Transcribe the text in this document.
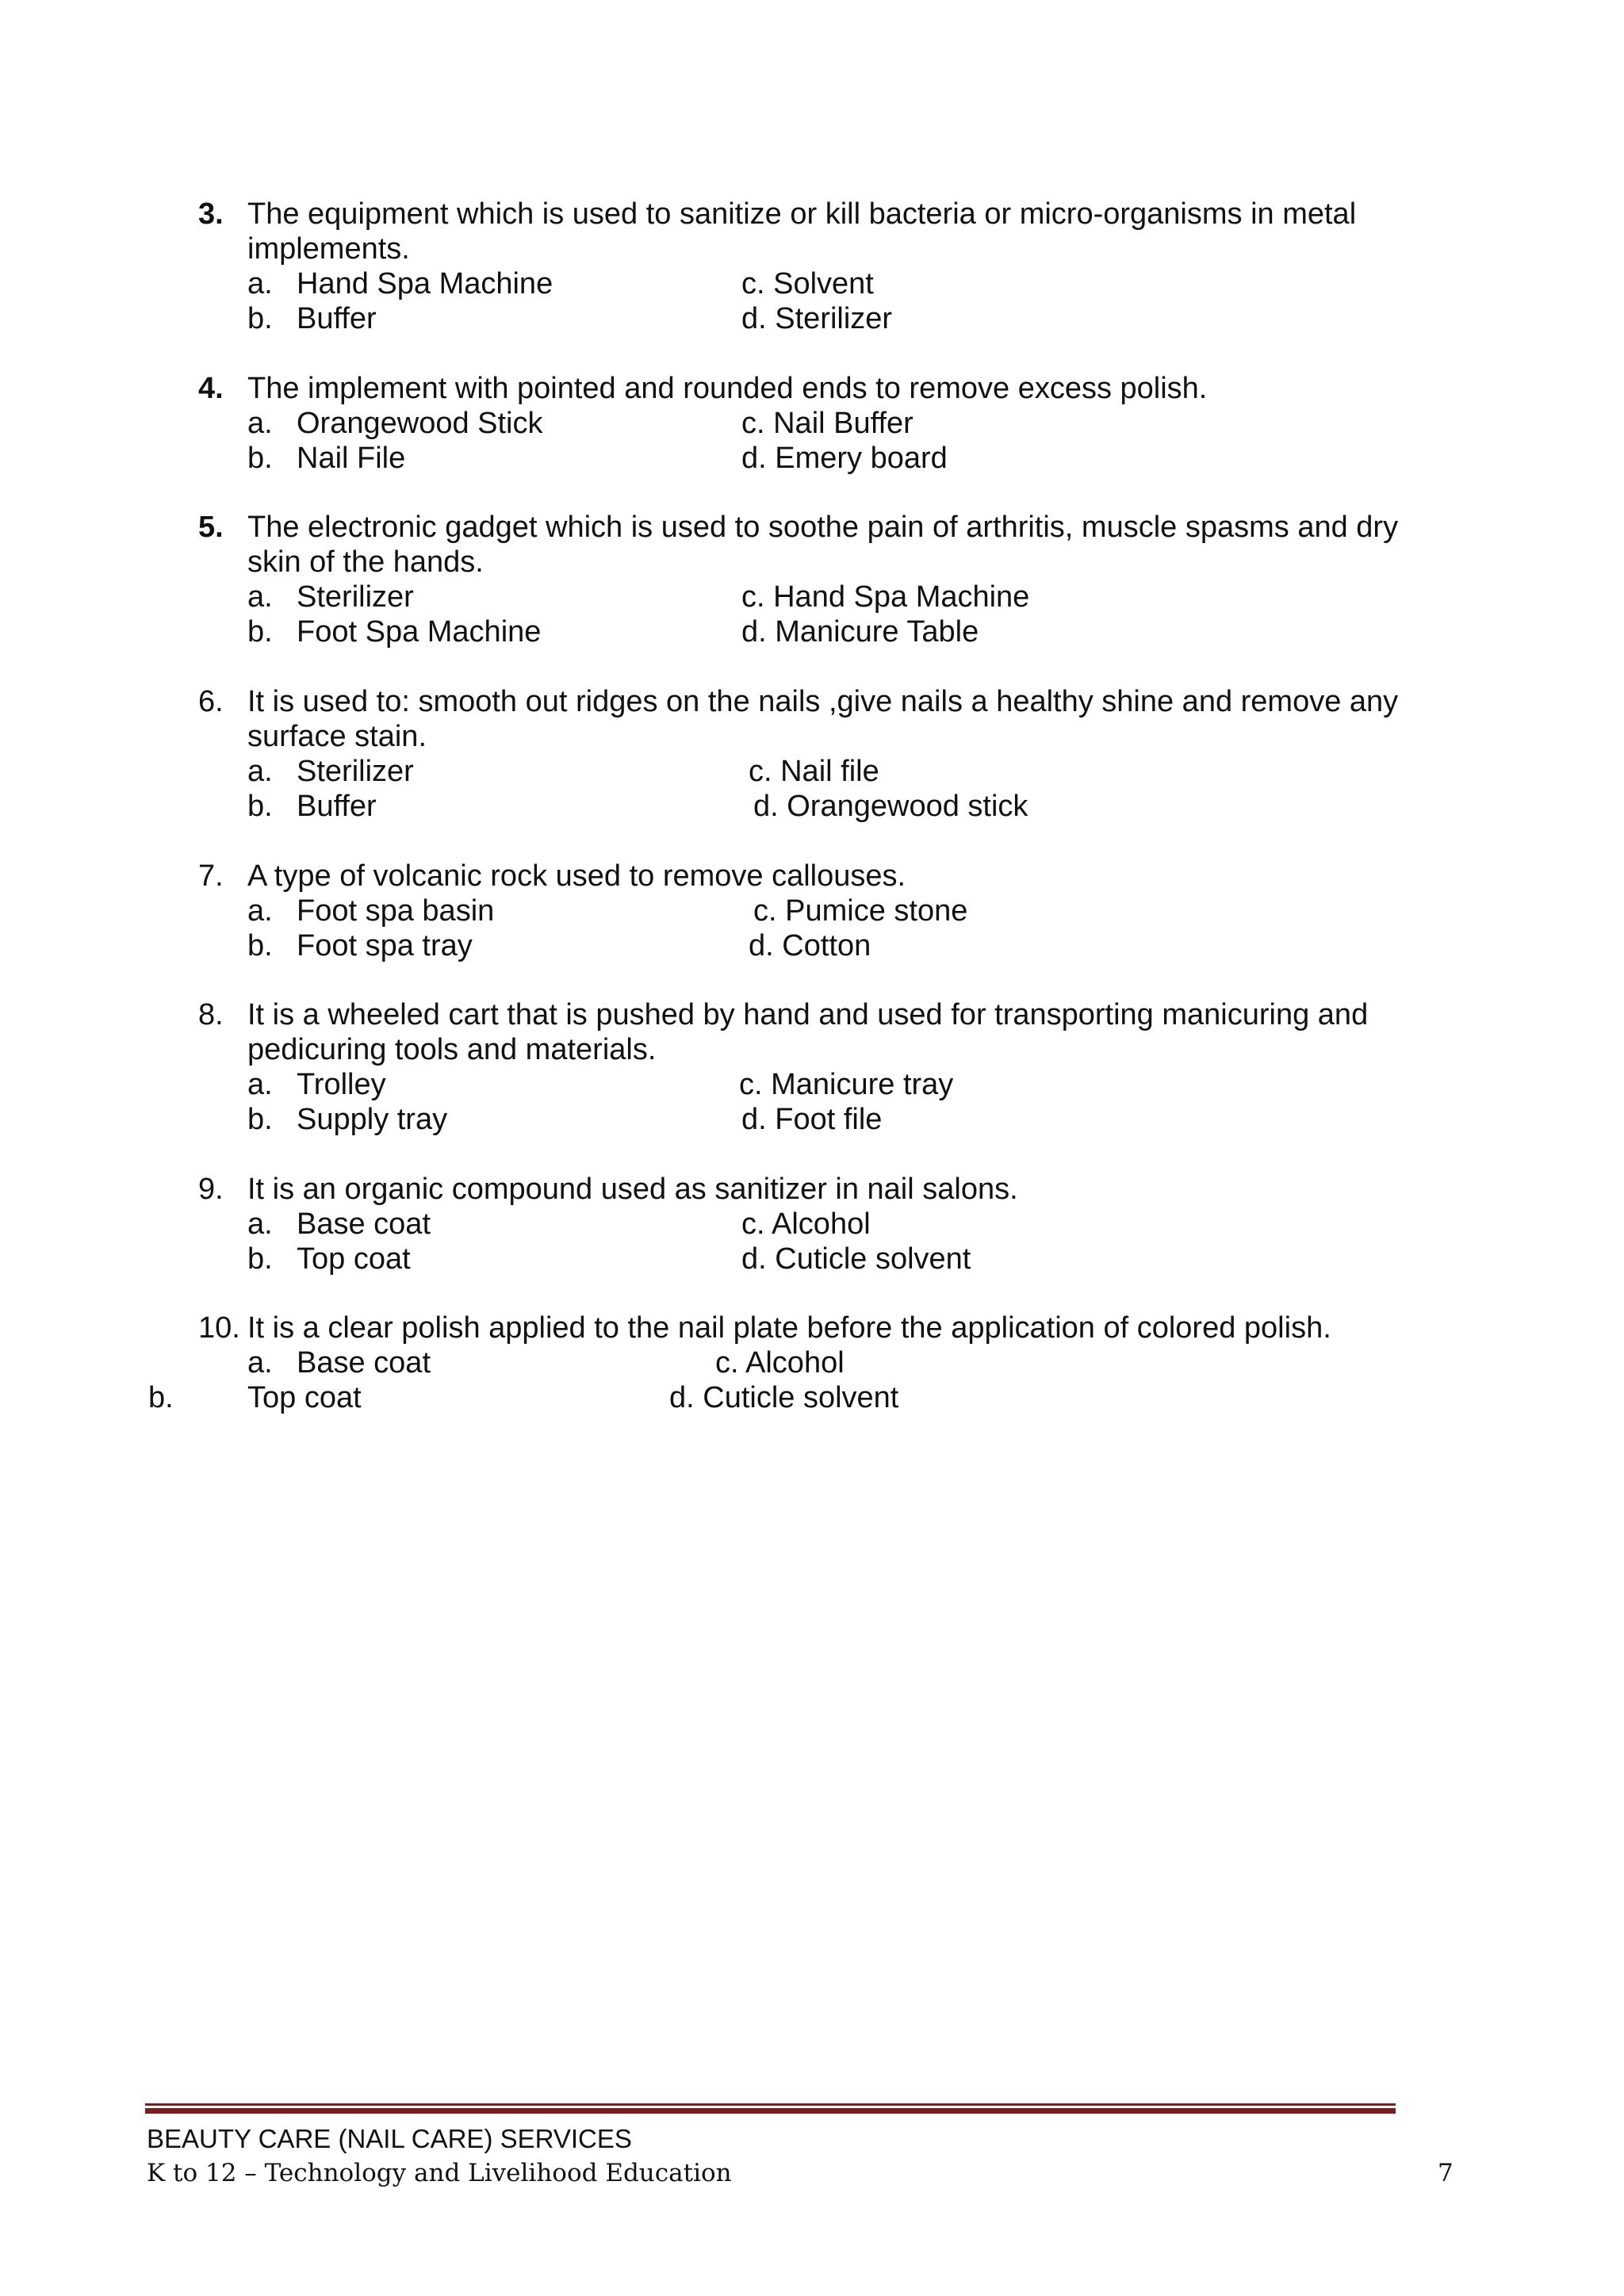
3. The equipment which is used to sanitize or kill bacteria or micro-organisms in metal implements.
a. Hand Spa Machine	c. Solvent
b. Buffer	d. Sterilizer
4. The implement with pointed and rounded ends to remove excess polish.
a. Orangewood Stick	c. Nail Buffer
b. Nail File	d. Emery board
5. The electronic gadget which is used to soothe pain of arthritis, muscle spasms and dry skin of the hands.
a. Sterilizer	c. Hand Spa Machine
b. Foot Spa Machine	d. Manicure Table
6. It is used to: smooth out ridges on the nails ,give nails a healthy shine and remove any surface stain.
a. Sterilizer	c. Nail file
b. Buffer	d. Orangewood stick
7. A type of volcanic rock used to remove callouses.
a. Foot spa basin	c. Pumice stone
b. Foot spa tray	d. Cotton
8. It is a wheeled cart that is pushed by hand and used for transporting manicuring and pedicuring tools and materials.
a. Trolley	c. Manicure tray
b. Supply tray	d. Foot file
9. It is an organic compound used as sanitizer in nail salons.
a. Base coat	c. Alcohol
b. Top coat	d. Cuticle solvent
10. It is a clear polish applied to the nail plate before the application of colored polish.
a. Base coat	c. Alcohol
b. Top coat	d. Cuticle solvent
BEAUTY CARE (NAIL CARE) SERVICES
K to 12 – Technology and Livelihood Education	7
